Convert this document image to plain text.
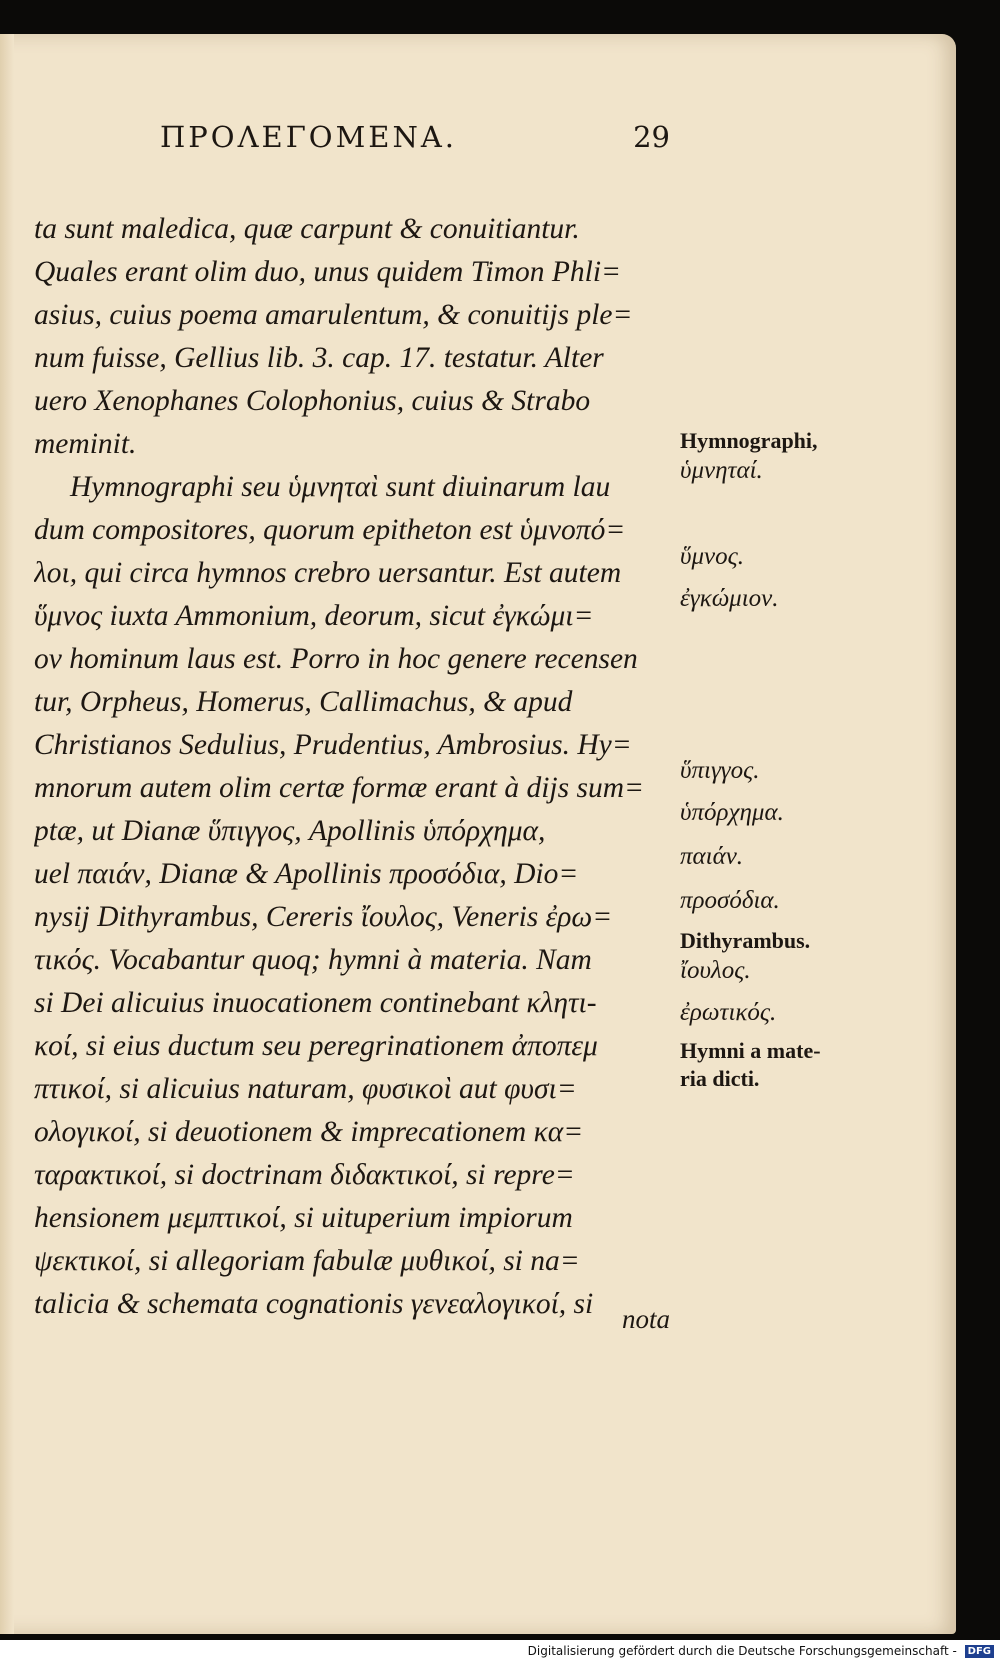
ΠΡΟΛΕΓΟΜΕΝΑ.	29
ta sunt maledica, quæ carpunt & conuitiantur.
Quales erant olim duo, unus quidem Timon Phli=
asius, cuius poema amarulentum, & conuitijs ple=
num fuisse, Gellius lib. 3. cap. 17. testatur. Alter
uero Xenophanes Colophonius, cuius & Strabo
meminit.
Hymnographi seu ὑμνηταὶ sunt diuinarum lau
dum compositores, quorum epitheton est ὑμνοπό=
λοι, qui circa hymnos crebro uersantur. Est autem
ὕμνος iuxta Ammonium, deorum, sicut ἐγκώμι=
ον hominum laus est. Porro in hoc genere recensen
tur, Orpheus, Homerus, Callimachus, & apud
Christianos Sedulius, Prudentius, Ambrosius. Hy=
mnorum autem olim certæ formæ erant à dijs sum=
ptæ, ut Dianæ ὕπιγγος, Apollinis ὑπόρχημα,
uel παιάν, Dianæ & Apollinis προσόδια, Dio=
nysij Dithyrambus, Cereris ἴουλος, Veneris ἐρω=
τικός. Vocabantur quoq; hymni à materia. Nam
si Dei alicuius inuocationem continebant κλητι-
κοί, si eius ductum seu peregrinationem ἀποπεμ
πτικοί, si alicuius naturam, φυσικοὶ aut φυσι=
ολογικοί, si deuotionem & imprecationem κα=
ταρακτικοί, si doctrinam διδακτικοί, si repre=
hensionem μεμπτικοί, si uituperium impiorum
ψεκτικοί, si allegoriam fabulæ μυθικοί, si na=
talicia & schemata cognationis γενεαλογικοί, si	nota
Hymnographi,
ὑμνηταί.
ὕμνος.
ἐγκώμιον.
ὕπιγγος.
ὑπόρχημα.
παιάν.
προσόδια.
Dithyrambus.
ἴουλος.
ἐρωτικός.
Hymni a mate-
ria dicti.
Digitalisierung gefördert durch die Deutsche Forschungsgemeinschaft - DFG
